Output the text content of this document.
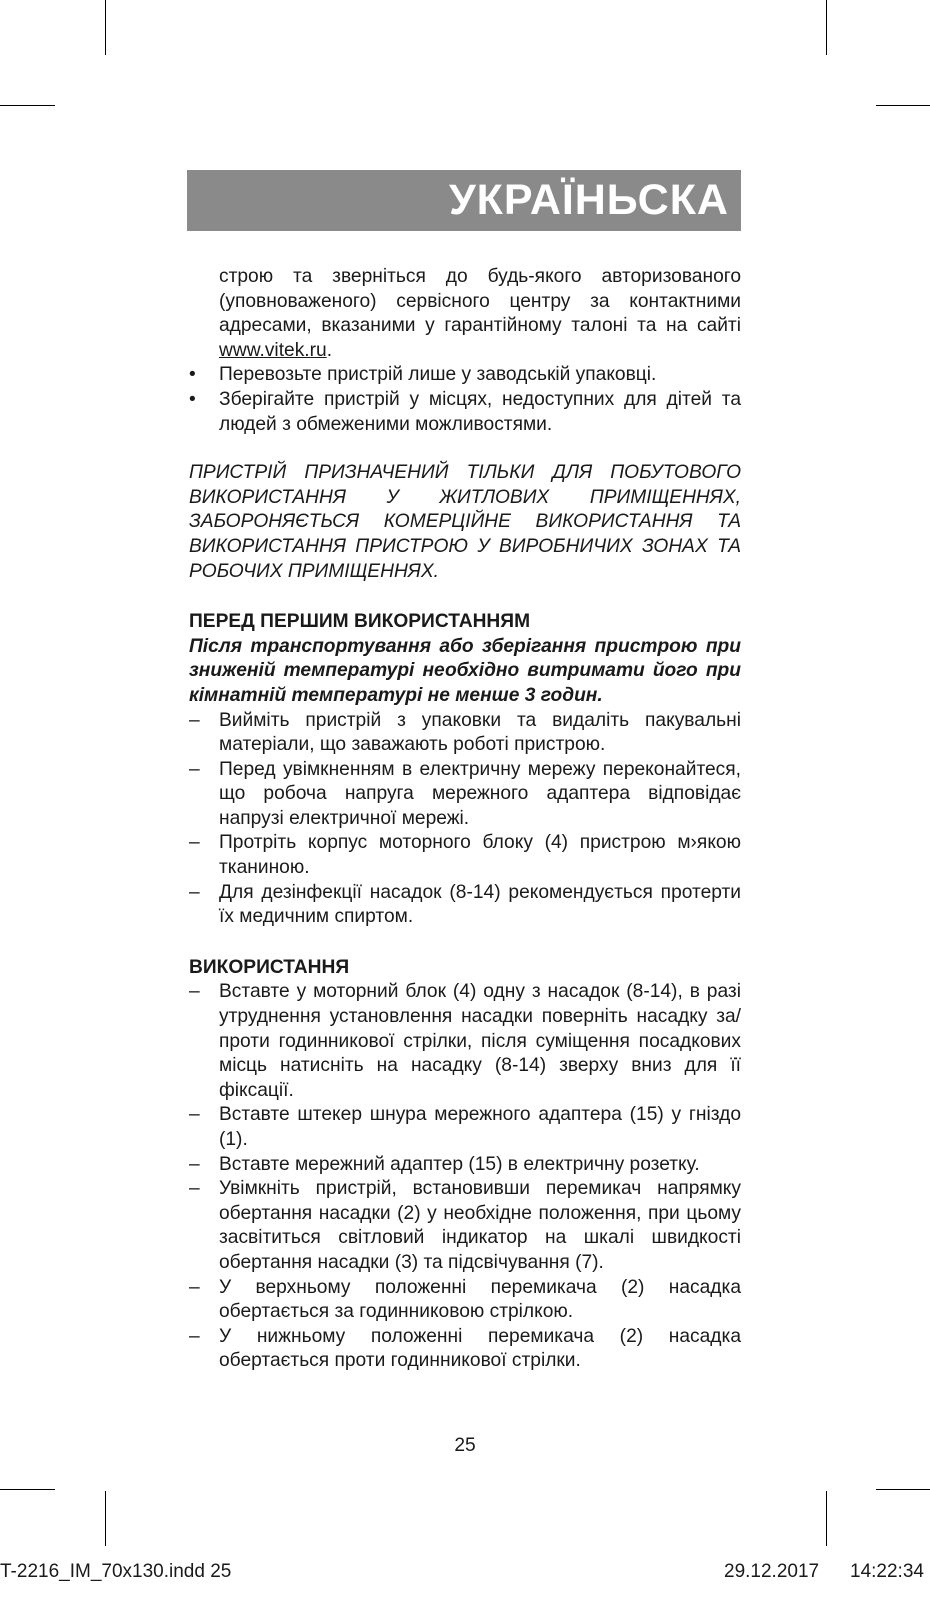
УКРАЇНЬСКА

строю та зверніться до будь-якого авторизованого (уповноваженого) сервісного центру за контактними адресами, вказаними у гарантійному талоні та на сайті www.vitek.ru.

• Перевозьте пристрій лише у заводській упаковці.
• Зберігайте пристрій у місцях, недоступних для дітей та людей з обмеженими можливостями.

ПРИСТРІЙ ПРИЗНАЧЕНИЙ ТІЛЬКИ ДЛЯ ПОБУТОВОГО ВИКОРИСТАННЯ У ЖИТЛОВИХ ПРИМІЩЕННЯХ, ЗАБОРОНЯЄТЬСЯ КОМЕРЦІЙНЕ ВИКОРИСТАННЯ ТА ВИКОРИСТАННЯ ПРИСТРОЮ У ВИРОБНИЧИХ ЗОНАХ ТА РОБОЧИХ ПРИМІЩЕННЯХ.

ПЕРЕД ПЕРШИМ ВИКОРИСТАННЯМ

Після транспортування або зберігання пристрою при зниженій температурі необхідно витримати його при кімнатній температурі не менше 3 годин.

– Вийміть пристрій з упаковки та видаліть пакувальні матеріали, що заважають роботі пристрою.
– Перед увімкненням в електричну мережу переконайтеся, що робоча напруга мережного адаптера відповідає напрузі електричної мережі.
– Протріть корпус моторного блоку (4) пристрою м›якою тканиною.
– Для дезінфекції насадок (8-14) рекомендується протерти їх медичним спиртом.

ВИКОРИСТАННЯ

– Вставте у моторний блок (4) одну з насадок (8-14), в разі утруднення установлення насадки поверніть насадку за/проти годинникової стрілки, після суміщення посадкових місць натисніть на насадку (8-14) зверху вниз для її фіксації.
– Вставте штекер шнура мережного адаптера (15) у гніздо (1).
– Вставте мережний адаптер (15) в електричну розетку.
– Увімкніть пристрій, встановивши перемикач напрямку обертання насадки (2) у необхідне положення, при цьому засвітиться світловий індикатор на шкалі швидкості обертання насадки (3) та підсвічування (7).
– У верхньому положенні перемикача (2) насадка обертається за годинниковою стрілкою.
– У нижньому положенні перемикача (2) насадка обертається проти годинникової стрілки.
25
T-2216_IM_70x130.indd 25	29.12.2017 14:22:34
